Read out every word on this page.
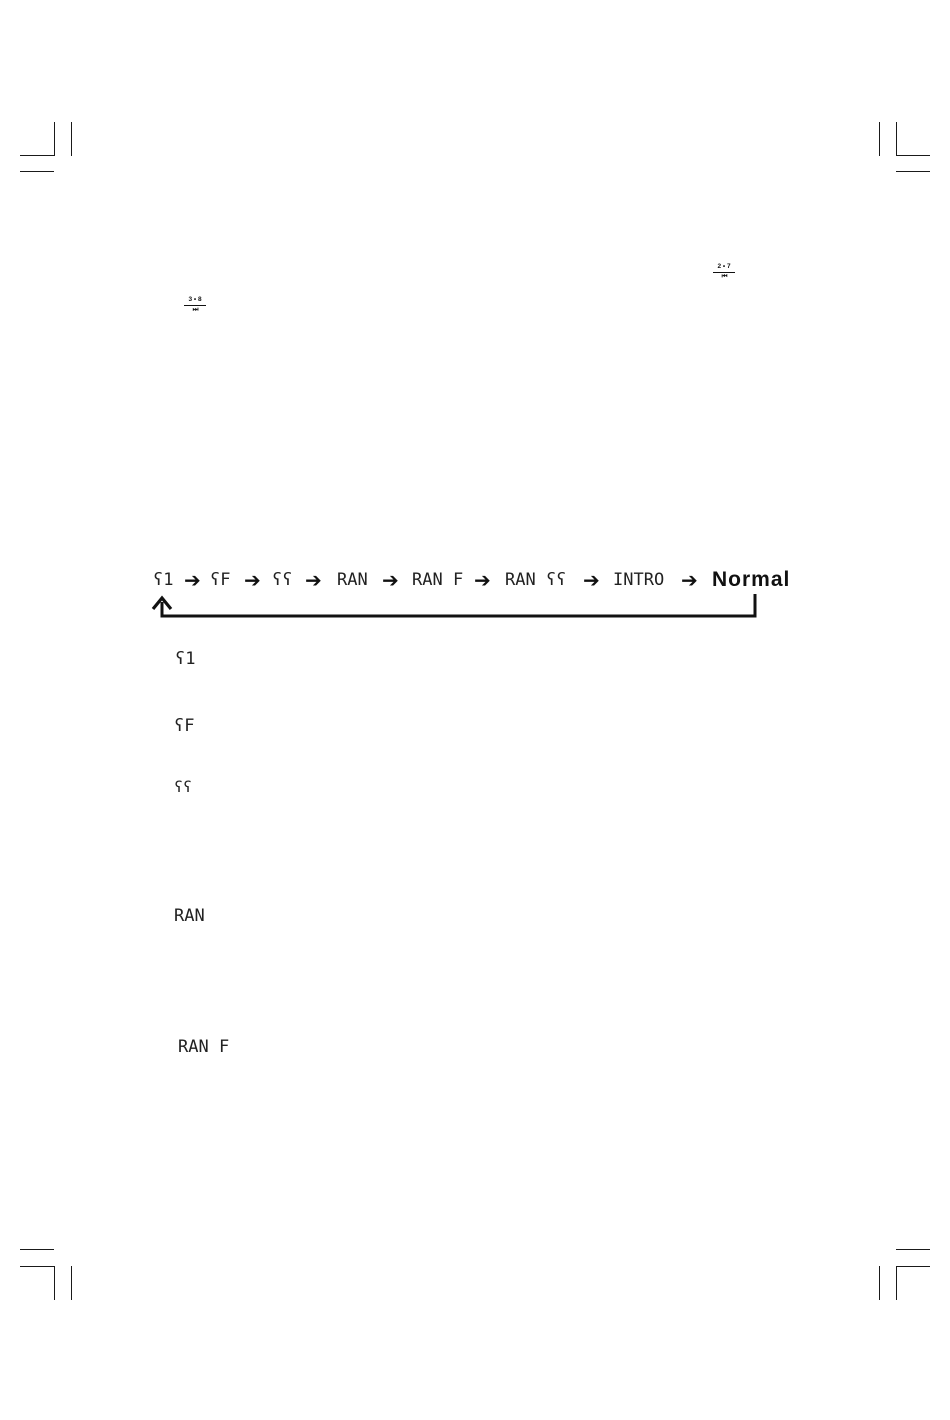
2 • 7
⏮
3 • 8
⏭
ʕ1 ➔ ʕF ➔ ʕʕ ➔ RAN ➔ RAN F ➔ RAN ʕʕ ➔ INTRO ➔ Normal
ʕ1
ʕF
ʕʕ
RAN
RAN F
